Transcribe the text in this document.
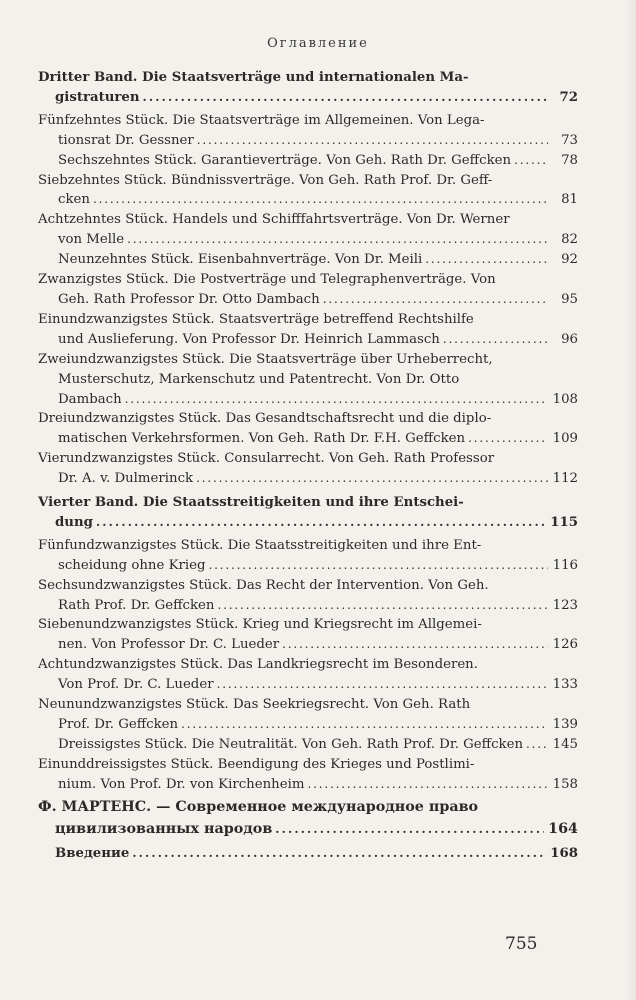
Оглавление
Dritter Band. Die Staatsverträge und internationalen Ma-
gistraturen . . .	72
Fünfzehntes Stück. Die Staatsverträge im Allgemeinen. Von Lega-
tionsrat Dr. Gessner . . .	73
Sechszehntes Stück. Garantieverträge. Von Geh. Rath Dr. Geffcken . . .	78
Siebzehntes Stück. Bündnissverträge. Von Geh. Rath Prof. Dr. Geff-
cken . . .	81
Achtzehntes Stück. Handels und Schifffahrtsverträge. Von Dr. Werner
von Melle . . .	82
Neunzehntes Stück. Eisenbahnverträge. Von Dr. Meili . . .	92
Zwanzigstes Stück. Die Postverträge und Telegraphenverträge. Von
Geh. Rath Professor Dr. Otto Dambach . . .	95
Einundzwanzigstes Stück. Staatsverträge betreffend Rechtshilfe
und Auslieferung. Von Professor Dr. Heinrich Lammasch . . .	96
Zweiundzwanzigstes Stück. Die Staatsverträge über Urheberrecht, Musterschutz, Markenschutz und Patentrecht. Von Dr. Otto
Dambach . . .	108
Dreiundzwanzigstes Stück. Das Gesandtschaftsrecht und die diplo-
matischen Verkehrsformen. Von Geh. Rath Dr. F.H. Geffcken . . .	109
Vierundzwanzigstes Stück. Consularrecht. Von Geh. Rath Professor
Dr. A. v. Dulmerinck . . .	112
Vierter Band. Die Staatsstreitigkeiten und ihre Entschei-
dung . . .	115
Fünfundzwanzigstes Stück. Die Staatsstreitigkeiten und ihre Ent-
scheidung ohne Krieg . . .	116
Sechsundzwanzigstes Stück. Das Recht der Intervention. Von Geh.
Rath Prof. Dr. Geffcken . . .	123
Siebenundzwanzigstes Stück. Krieg und Kriegsrecht im Allgemei-
nen. Von Professor Dr. C. Lueder . . .	126
Achtundzwanzigstes Stück. Das Landkriegsrecht im Besonderen.
Von Prof. Dr. C. Lueder . . .	133
Neunundzwanzigstes Stück. Das Seekriegsrecht. Von Geh. Rath
Prof. Dr. Geffcken . . .	139
Dreissigstes Stück. Die Neutralität. Von Geh. Rath Prof. Dr. Geffcken . . . 145
Einunddreissigstes Stück. Beendigung des Krieges und Postlimi-
nium. Von Prof. Dr. von Kirchenheim . . .	158
Ф. МАРТЕНС. — Современное международное право
цивилизованных народов . . .	164
Введение . . .	168
755
